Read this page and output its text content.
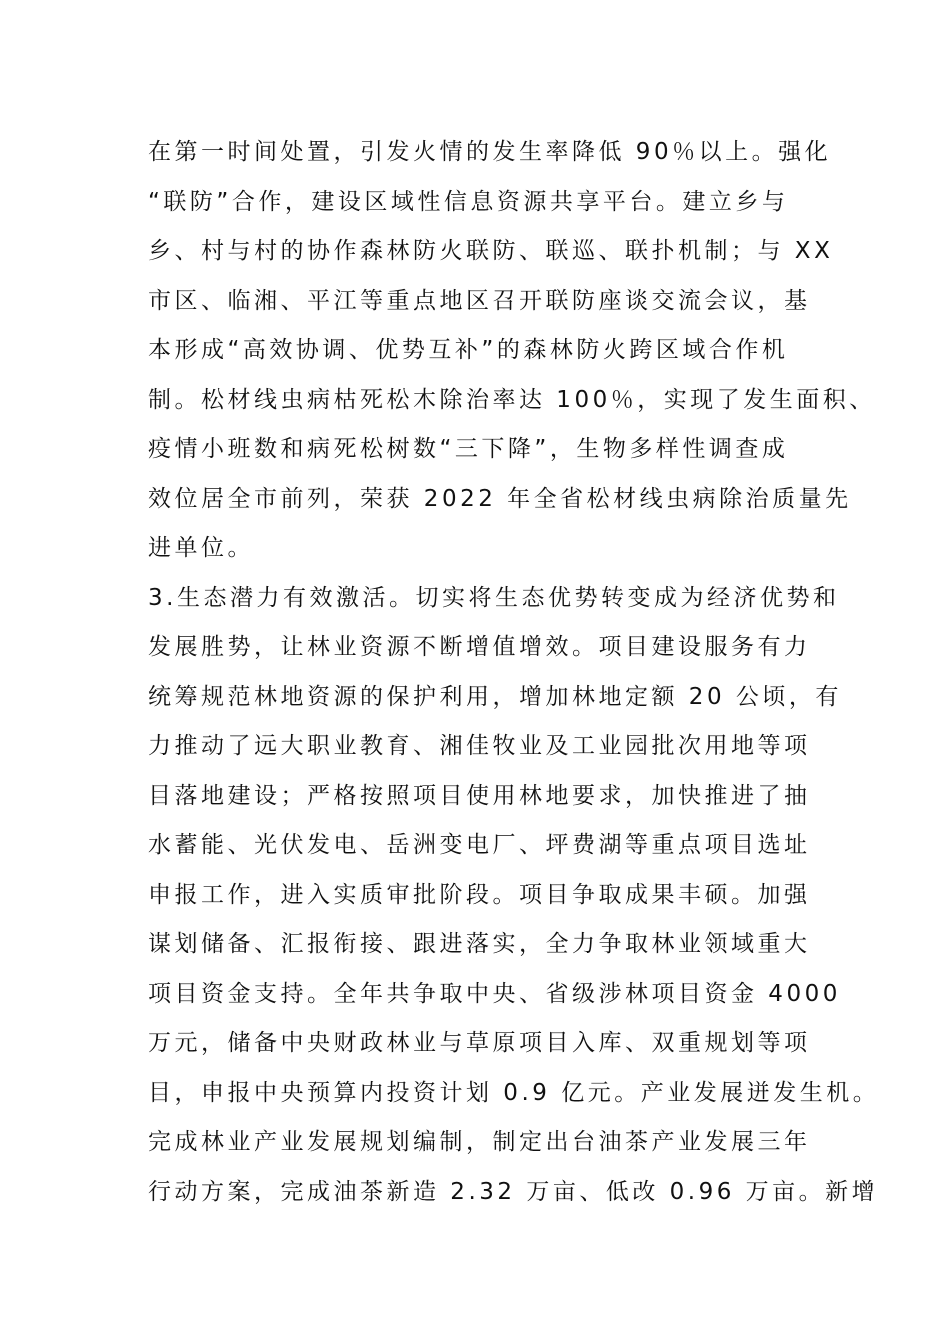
在第一时间处置，引发火情的发生率降低 90％以上。强化
“联防”合作，建设区域性信息资源共享平台。建立乡与
乡、村与村的协作森林防火联防、联巡、联扑机制；与 XX
市区、临湘、平江等重点地区召开联防座谈交流会议，基
本形成“高效协调、优势互补”的森林防火跨区域合作机
制。松材线虫病枯死松木除治率达 100％，实现了发生面积、
疫情小班数和病死松树数“三下降”，生物多样性调查成
效位居全市前列，荣获 2022 年全省松材线虫病除治质量先
进单位。
3.生态潜力有效激活。切实将生态优势转变成为经济优势和
发展胜势，让林业资源不断增值增效。项目建设服务有力
统筹规范林地资源的保护利用，增加林地定额 20 公顷，有
力推动了远大职业教育、湘佳牧业及工业园批次用地等项
目落地建设；严格按照项目使用林地要求，加快推进了抽
水蓄能、光伏发电、岳洲变电厂、坪费湖等重点项目选址
申报工作，进入实质审批阶段。项目争取成果丰硕。加强
谋划储备、汇报衔接、跟进落实，全力争取林业领域重大
项目资金支持。全年共争取中央、省级涉林项目资金 4000
万元，储备中央财政林业与草原项目入库、双重规划等项
目，申报中央预算内投资计划 0.9 亿元。产业发展迸发生机。
完成林业产业发展规划编制，制定出台油茶产业发展三年
行动方案，完成油茶新造 2.32 万亩、低改 0.96 万亩。新增
